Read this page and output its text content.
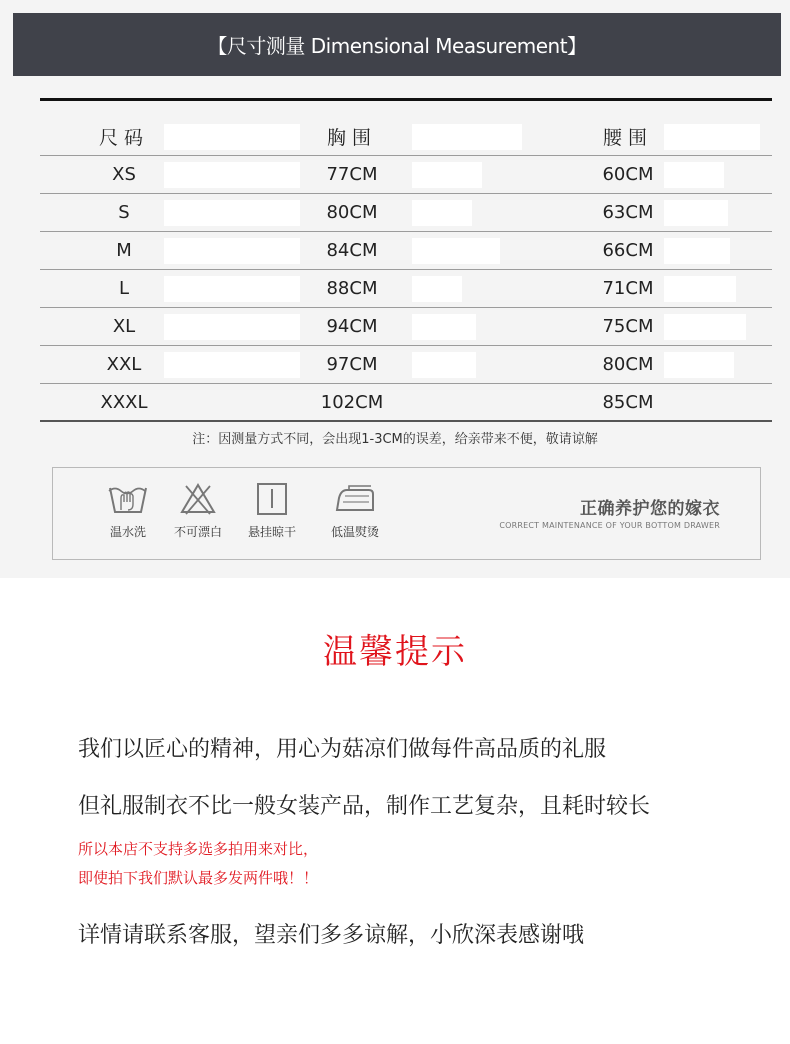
【尺寸测量 Dimensional Measurement】
尺码	胸围	腰围
XS	77CM	60CM
S	80CM	63CM
M	84CM	66CM
L	88CM	71CM
XL	94CM	75CM
XXL	97CM	80CM
XXXL	102CM	85CM
注：因测量方式不同，会出现1-3CM的误差，给亲带来不便，敬请谅解
温水洗	不可漂白	悬挂晾干	低温熨烫
正确养护您的嫁衣
CORRECT MAINTENANCE OF YOUR BOTTOM DRAWER
温馨提示
我们以匠心的精神，用心为菇凉们做每件高品质的礼服
但礼服制衣不比一般女装产品，制作工艺复杂，且耗时较长
所以本店不支持多选多拍用来对比，
即使拍下我们默认最多发两件哦！！
详情请联系客服，望亲们多多谅解，小欣深表感谢哦
